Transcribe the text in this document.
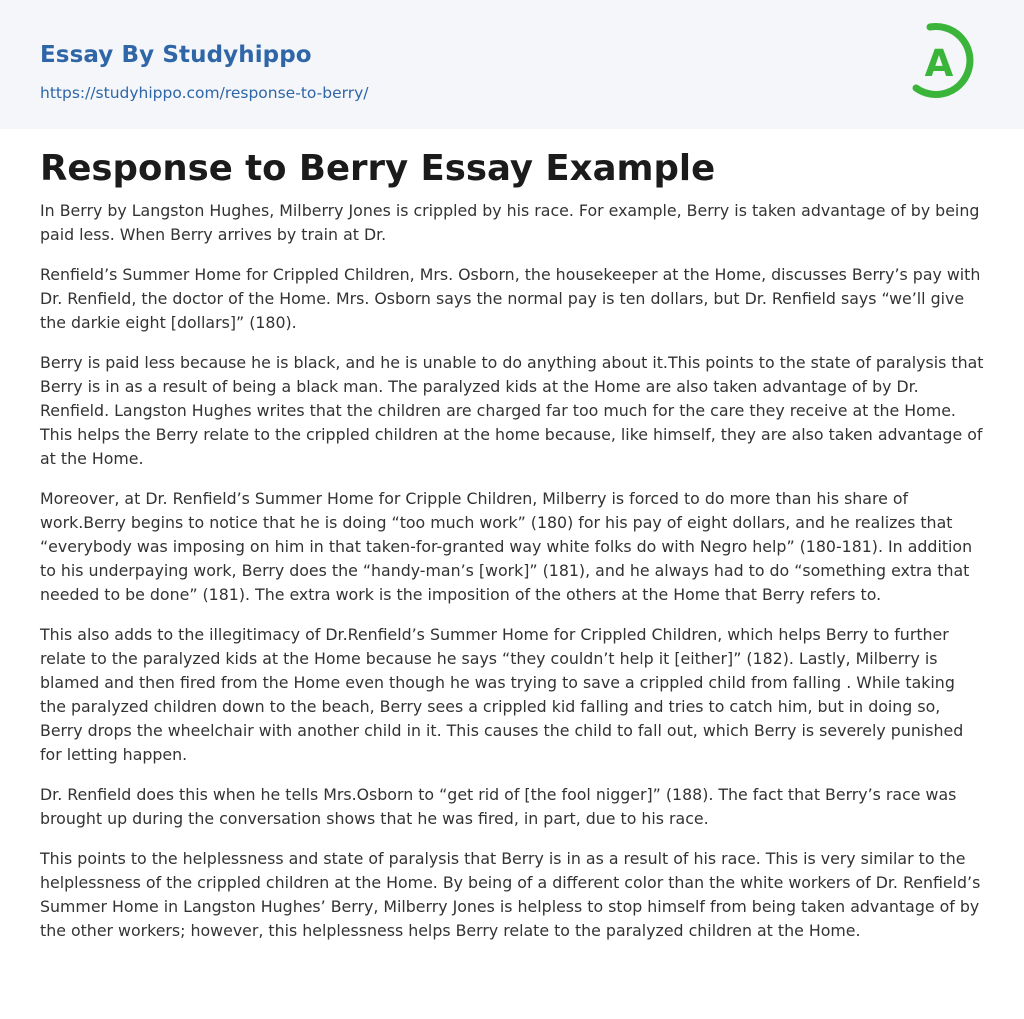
Essay By Studyhippo
https://studyhippo.com/response-to-berry/
A
Response to Berry Essay Example

In Berry by Langston Hughes, Milberry Jones is crippled by his race. For example, Berry is taken advantage of by being paid less. When Berry arrives by train at Dr.

Renfield’s Summer Home for Crippled Children, Mrs. Osborn, the housekeeper at the Home, discusses Berry’s pay with Dr. Renfield, the doctor of the Home. Mrs. Osborn says the normal pay is ten dollars, but Dr. Renfield says “we’ll give the darkie eight [dollars]” (180).

Berry is paid less because he is black, and he is unable to do anything about it.This points to the state of paralysis that Berry is in as a result of being a black man. The paralyzed kids at the Home are also taken advantage of by Dr. Renfield. Langston Hughes writes that the children are charged far too much for the care they receive at the Home. This helps the Berry relate to the crippled children at the home because, like himself, they are also taken advantage of at the Home.

Moreover, at Dr. Renfield’s Summer Home for Cripple Children, Milberry is forced to do more than his share of work.Berry begins to notice that he is doing “too much work” (180) for his pay of eight dollars, and he realizes that “everybody was imposing on him in that taken-for-granted way white folks do with Negro help” (180-181). In addition to his underpaying work, Berry does the “handy-man’s [work]” (181), and he always had to do “something extra that needed to be done” (181). The extra work is the imposition of the others at the Home that Berry refers to.

This also adds to the illegitimacy of Dr.Renfield’s Summer Home for Crippled Children, which helps Berry to further relate to the paralyzed kids at the Home because he says “they couldn’t help it [either]” (182). Lastly, Milberry is blamed and then fired from the Home even though he was trying to save a crippled child from falling . While taking the paralyzed children down to the beach, Berry sees a crippled kid falling and tries to catch him, but in doing so, Berry drops the wheelchair with another child in it. This causes the child to fall out, which Berry is severely punished for letting happen.

Dr. Renfield does this when he tells Mrs.Osborn to “get rid of [the fool nigger]” (188). The fact that Berry’s race was brought up during the conversation shows that he was fired, in part, due to his race.

This points to the helplessness and state of paralysis that Berry is in as a result of his race. This is very similar to the helplessness of the crippled children at the Home. By being of a different color than the white workers of Dr. Renfield’s Summer Home in Langston Hughes’ Berry, Milberry Jones is helpless to stop himself from being taken advantage of by the other workers; however, this helplessness helps Berry relate to the paralyzed children at the Home.
